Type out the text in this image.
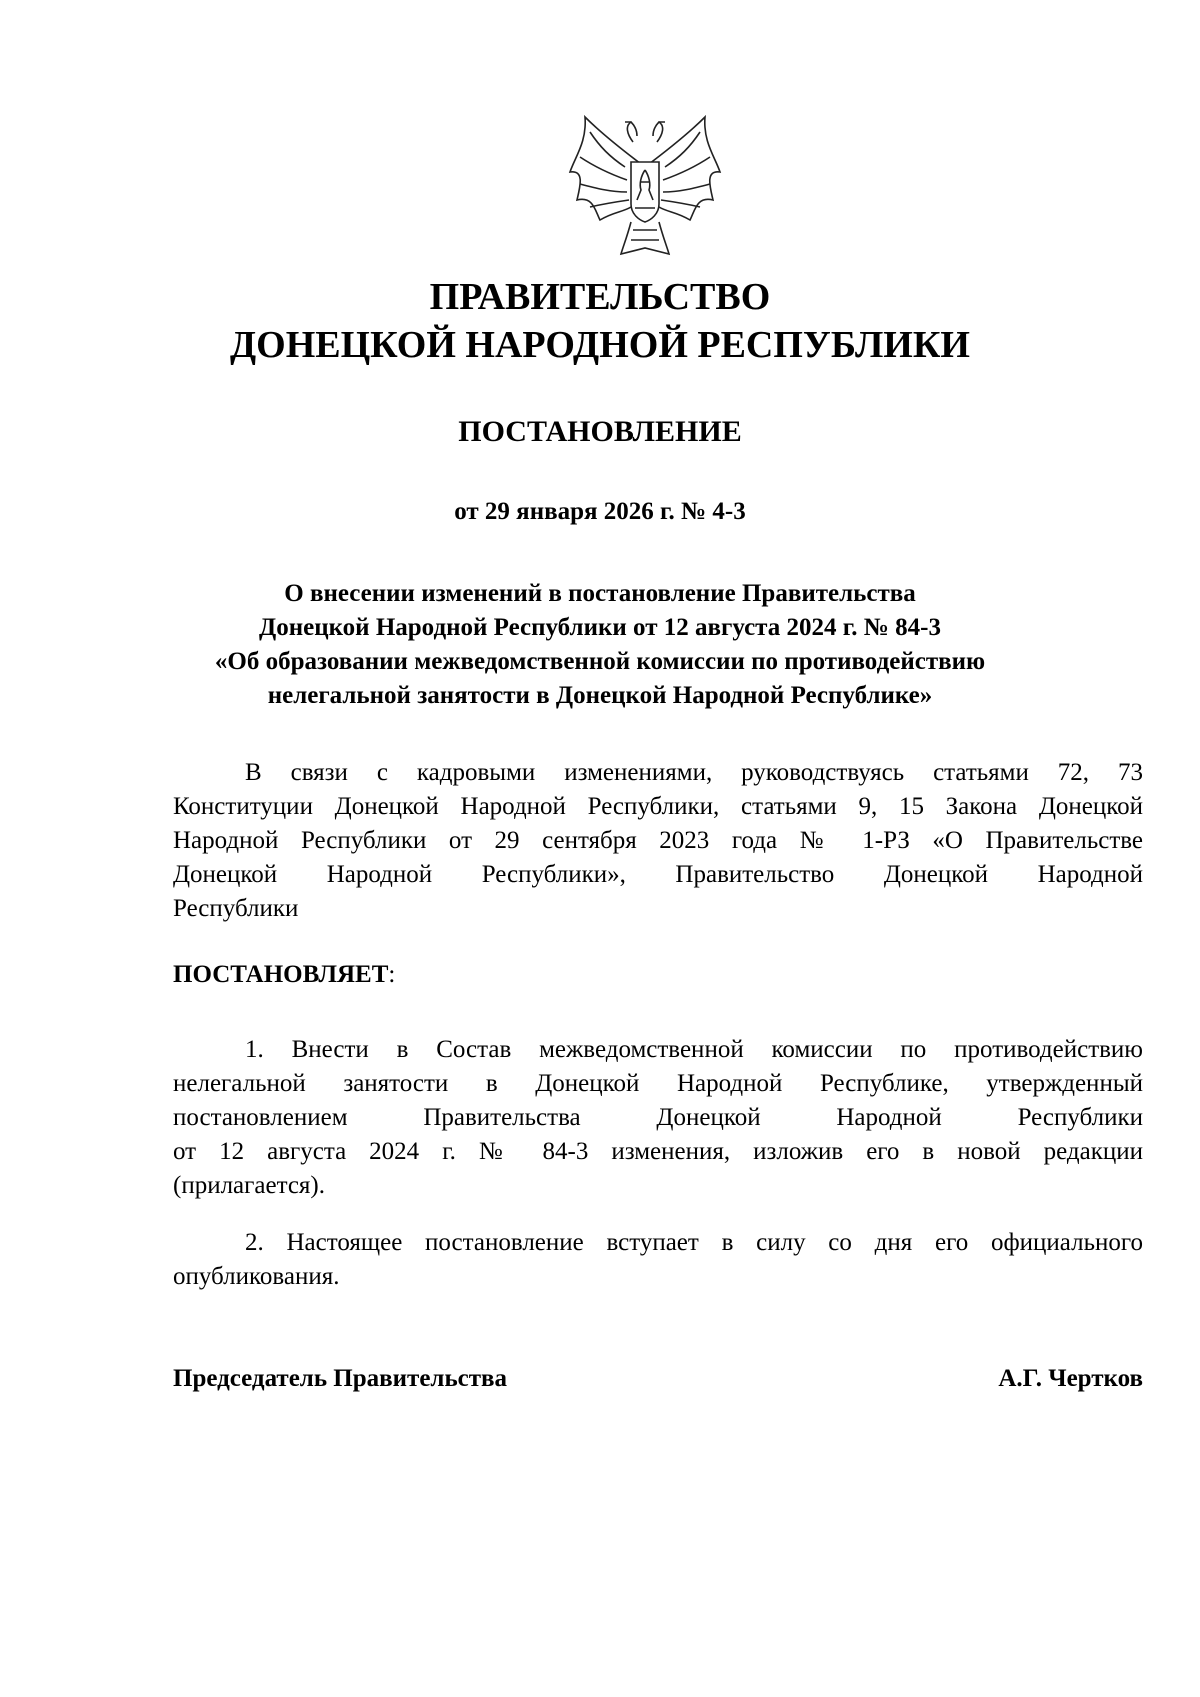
ПРАВИТЕЛЬСТВО
ДОНЕЦКОЙ НАРОДНОЙ РЕСПУБЛИКИ
ПОСТАНОВЛЕНИЕ
от 29 января 2026 г. № 4-3
О внесении изменений в постановление Правительства
Донецкой Народной Республики от 12 августа 2024 г. № 84-3
«Об образовании межведомственной комиссии по противодействию
нелегальной занятости в Донецкой Народной Республике»
В связи с кадровыми изменениями, руководствуясь статьями 72, 73
Конституции Донецкой Народной Республики, статьями 9, 15 Закона Донецкой
Народной Республики от 29 сентября 2023 года № 1-РЗ «О Правительстве
Донецкой Народной Республики», Правительство Донецкой Народной
Республики
ПОСТАНОВЛЯЕТ:
1. Внести в Состав межведомственной комиссии по противодействию
нелегальной занятости в Донецкой Народной Республике, утвержденный
постановлением Правительства Донецкой Народной Республики
от 12 августа 2024 г. № 84-3 изменения, изложив его в новой редакции
(прилагается).
2. Настоящее постановление вступает в силу со дня его официального
опубликования.
Председатель Правительства	А.Г. Чертков
